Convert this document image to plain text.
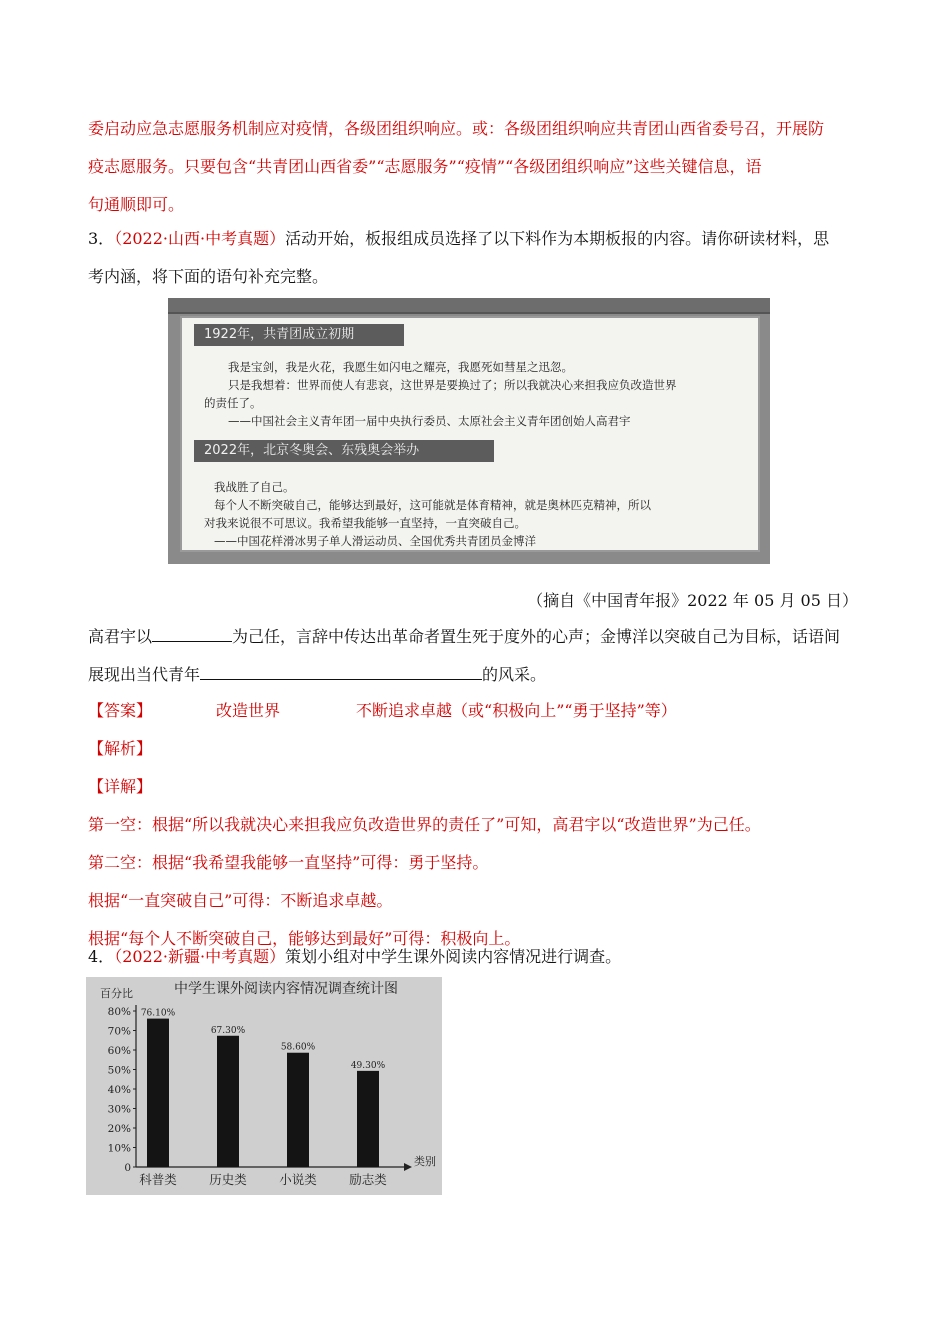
委启动应急志愿服务机制应对疫情，各级团组织响应。或：各级团组织响应共青团山西省委号召，开展防
疫志愿服务。只要包含“共青团山西省委”“志愿服务”“疫情”“各级团组织响应”这些关键信息，语
句通顺即可。

3．（2022·山西·中考真题）活动开始，板报组成员选择了以下料作为本期板报的内容。请你研读材料，思
考内涵，将下面的语句补充完整。

1922年，共青团成立初期
我是宝剑，我是火花，我愿生如闪电之耀亮，我愿死如彗星之迅忽。
只是我想着：世界而使人有悲哀，这世界是要换过了；所以我就决心来担我应负改造世界
的责任了。
——中国社会主义青年团一届中央执行委员、太原社会主义青年团创始人高君宇
2022年，北京冬奥会、东残奥会举办
我战胜了自己。
每个人不断突破自己，能够达到最好，这可能就是体育精神，就是奥林匹克精神，所以
对我来说很不可思议。我希望我能够一直坚持，一直突破自己。
——中国花样滑冰男子单人滑运动员、全国优秀共青团员金博洋

（摘自《中国青年报》2022 年 05 月 05 日）

高君宇以	为己任，言辞中传达出革命者置生死于度外的心声；金博洋以突破自己为目标，话语间
展现出当代青年	的风采。

【答案】	改造世界	不断追求卓越（或“积极向上”“勇于坚持”等）
【解析】
【详解】
第一空：根据“所以我就决心来担我应负改造世界的责任了”可知，高君宇以“改造世界”为己任。
第二空：根据“我希望我能够一直坚持”可得：勇于坚持。
根据“一直突破自己”可得：不断追求卓越。
根据“每个人不断突破自己，能够达到最好”可得：积极向上。

4．（2022·新疆·中考真题）策划小组对中学生课外阅读内容情况进行调查。

中学生课外阅读内容情况调查统计图
百分比
类别
0
10%
20%
30%
40%
50%
60%
70%
80% 76.10%
科普类
67.30%
历史类
58.60%
小说类
49.30%
励志类
